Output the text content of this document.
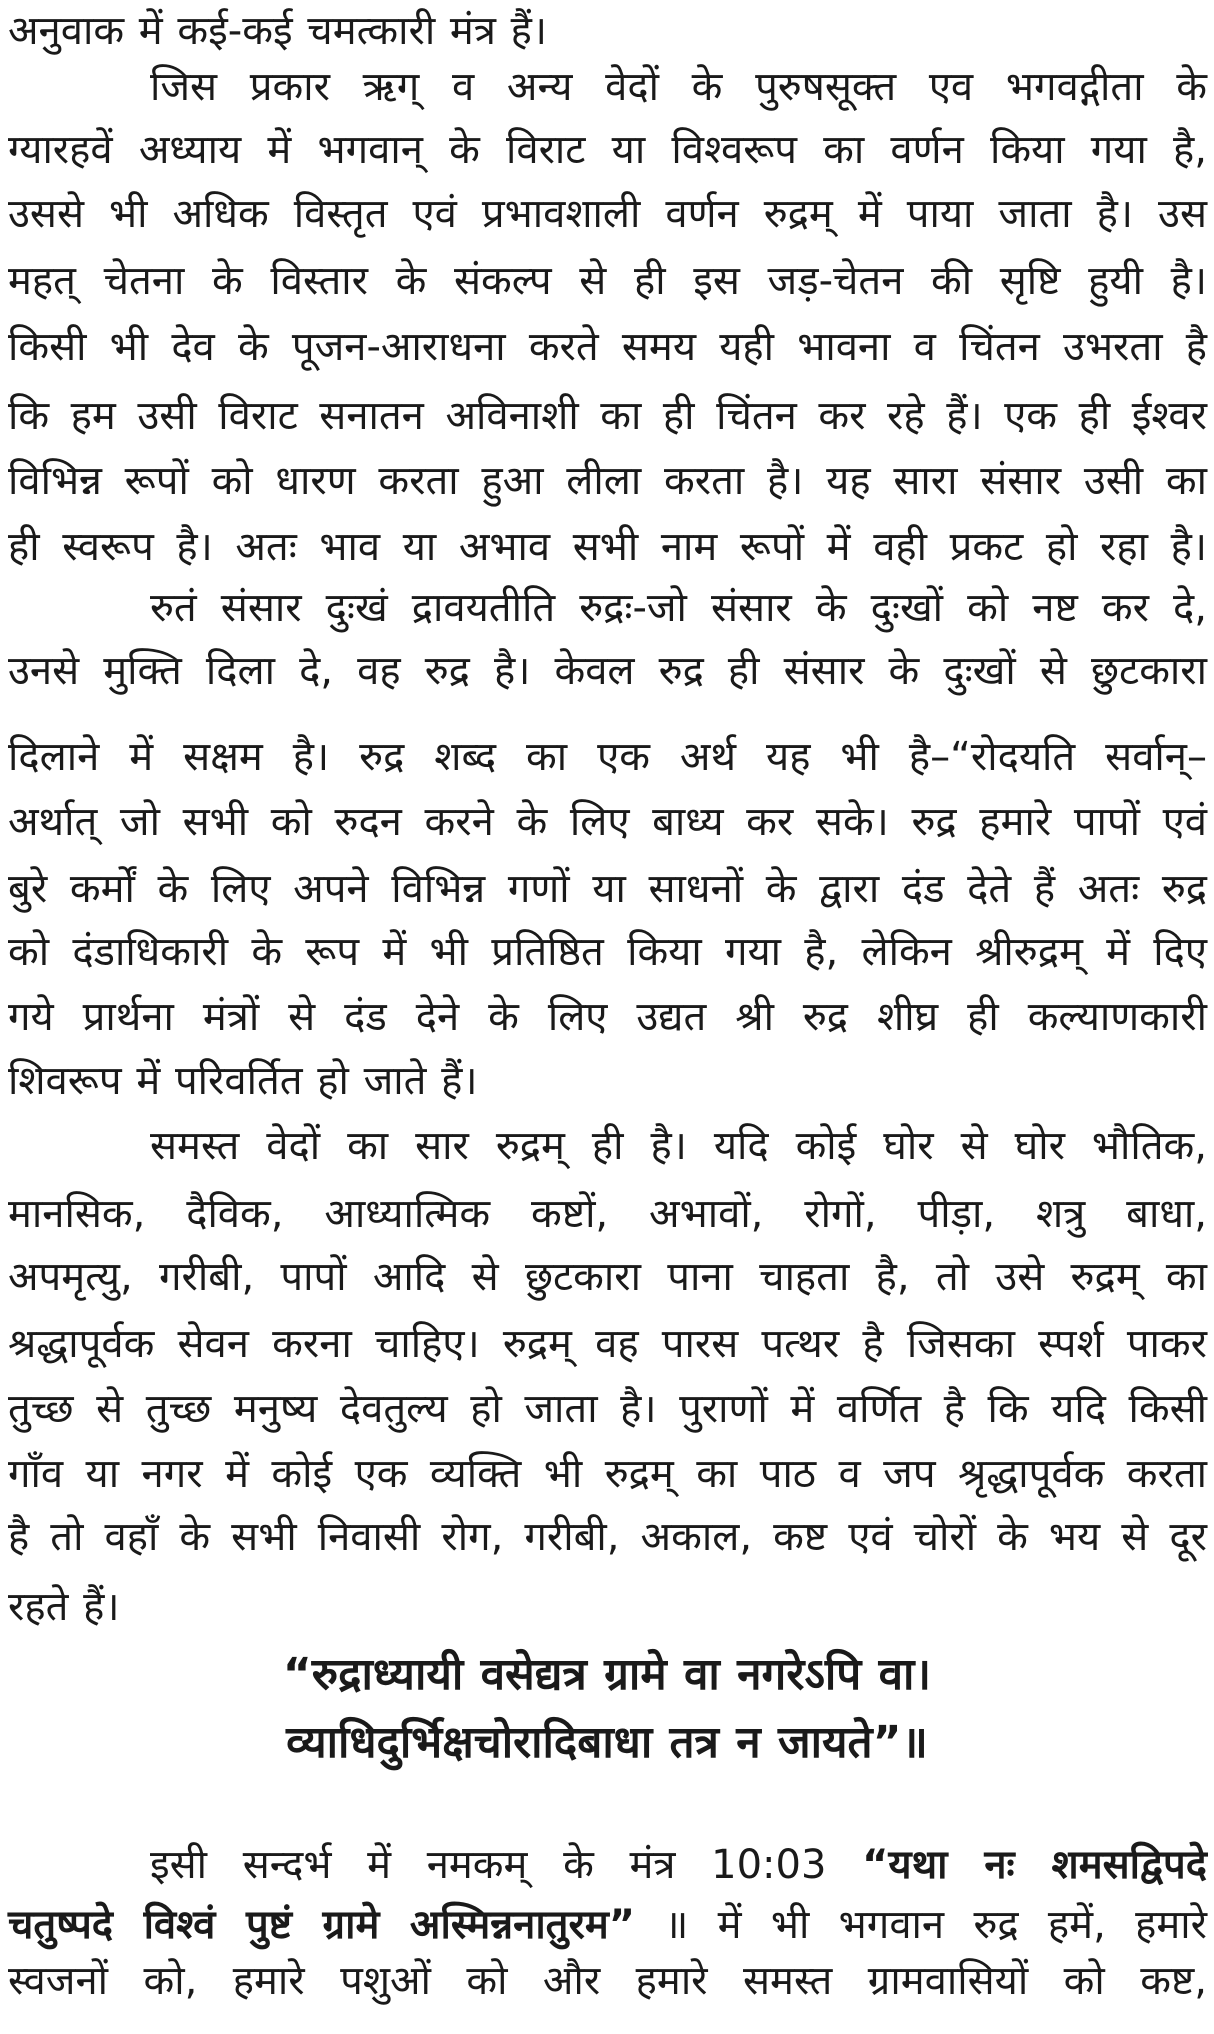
अनुवाक में कई-कई चमत्कारी मंत्र हैं।
जिस प्रकार ऋग् व अन्य वेदों के पुरुषसूक्त एव भगवद्गीता के
ग्यारहवें अध्याय में भगवान् के विराट या विश्वरूप का वर्णन किया गया है,
उससे भी अधिक विस्तृत एवं प्रभावशाली वर्णन रुद्रम् में पाया जाता है। उस
महत् चेतना के विस्तार के संकल्प से ही इस जड़-चेतन की सृष्टि हुयी है।
किसी भी देव के पूजन-आराधना करते समय यही भावना व चिंतन उभरता है
कि हम उसी विराट सनातन अविनाशी का ही चिंतन कर रहे हैं। एक ही ईश्वर
विभिन्न रूपों को धारण करता हुआ लीला करता है। यह सारा संसार उसी का
ही स्वरूप है। अतः भाव या अभाव सभी नाम रूपों में वही प्रकट हो रहा है।
रुतं संसार दुःखं द्रावयतीति रुद्रः-जो संसार के दुःखों को नष्ट कर दे,
उनसे मुक्ति दिला दे, वह रुद्र है। केवल रुद्र ही संसार के दुःखों से छुटकारा
दिलाने में सक्षम है। रुद्र शब्द का एक अर्थ यह भी है–“रोदयति सर्वान्–
अर्थात् जो सभी को रुदन करने के लिए बाध्य कर सके। रुद्र हमारे पापों एवं
बुरे कर्मों के लिए अपने विभिन्न गणों या साधनों के द्वारा दंड देते हैं अतः रुद्र
को दंडाधिकारी के रूप में भी प्रतिष्ठित किया गया है, लेकिन श्रीरुद्रम् में दिए
गये प्रार्थना मंत्रों से दंड देने के लिए उद्यत श्री रुद्र शीघ्र ही कल्याणकारी
शिवरूप में परिवर्तित हो जाते हैं।
समस्त वेदों का सार रुद्रम् ही है। यदि कोई घोर से घोर भौतिक,
मानसिक, दैविक, आध्यात्मिक कष्टों, अभावों, रोगों, पीड़ा, शत्रु बाधा,
अपमृत्यु, गरीबी, पापों आदि से छुटकारा पाना चाहता है, तो उसे रुद्रम् का
श्रद्धापूर्वक सेवन करना चाहिए। रुद्रम् वह पारस पत्थर है जिसका स्पर्श पाकर
तुच्छ से तुच्छ मनुष्य देवतुल्य हो जाता है। पुराणों में वर्णित है कि यदि किसी
गाँव या नगर में कोई एक व्यक्ति भी रुद्रम् का पाठ व जप श्रृद्धापूर्वक करता
है तो वहाँ के सभी निवासी रोग, गरीबी, अकाल, कष्ट एवं चोरों के भय से दूर
रहते हैं।
“रुद्राध्यायी वसेद्यत्र ग्रामे वा नगरेऽपि वा।
व्याधिदुर्भिक्षचोरादिबाधा तत्र न जायते”॥
इसी सन्दर्भ में नमकम् के मंत्र 10:03 “यथा नः शमसद्विपदे
चतुष्पदे विश्वं पुष्टं ग्रामे अस्मिन्ननातुरम” ॥ में भी भगवान रुद्र हमें, हमारे
स्वजनों को, हमारे पशुओं को और हमारे समस्त ग्रामवासियों को कष्ट,
